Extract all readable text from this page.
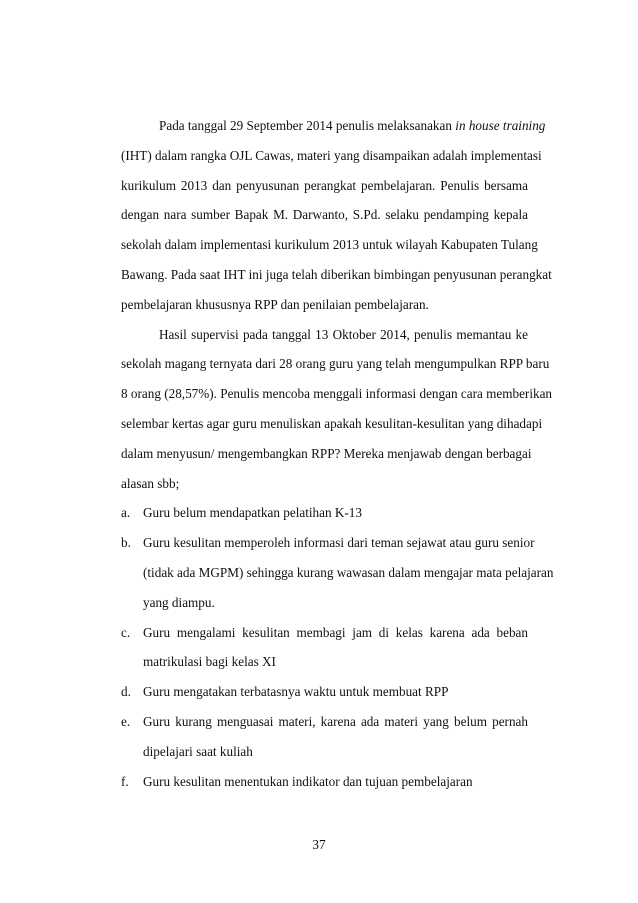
Pada tanggal 29 September 2014 penulis melaksanakan in house training
(IHT) dalam rangka OJL Cawas, materi yang disampaikan adalah implementasi
kurikulum 2013 dan penyusunan perangkat pembelajaran. Penulis bersama
dengan nara sumber Bapak M. Darwanto, S.Pd. selaku pendamping kepala
sekolah dalam implementasi kurikulum 2013 untuk wilayah Kabupaten Tulang
Bawang. Pada saat IHT ini juga telah diberikan bimbingan penyusunan perangkat
pembelajaran khususnya RPP dan penilaian pembelajaran.
Hasil supervisi pada tanggal 13 Oktober 2014, penulis memantau ke
sekolah magang ternyata dari 28 orang guru yang telah mengumpulkan RPP baru
8 orang (28,57%). Penulis mencoba menggali informasi dengan cara memberikan
selembar kertas agar guru menuliskan apakah kesulitan-kesulitan yang dihadapi
dalam menyusun/ mengembangkan RPP? Mereka menjawab dengan berbagai
alasan sbb;
a. Guru belum mendapatkan pelatihan K-13
b. Guru kesulitan memperoleh informasi dari teman sejawat atau guru senior
(tidak ada MGPM) sehingga kurang wawasan dalam mengajar mata pelajaran
yang diampu.
c. Guru mengalami kesulitan membagi jam di kelas karena ada beban
matrikulasi bagi kelas XI
d. Guru mengatakan terbatasnya waktu untuk membuat RPP
e. Guru kurang menguasai materi, karena ada materi yang belum pernah
dipelajari saat kuliah
f. Guru kesulitan menentukan indikator dan tujuan pembelajaran
37
